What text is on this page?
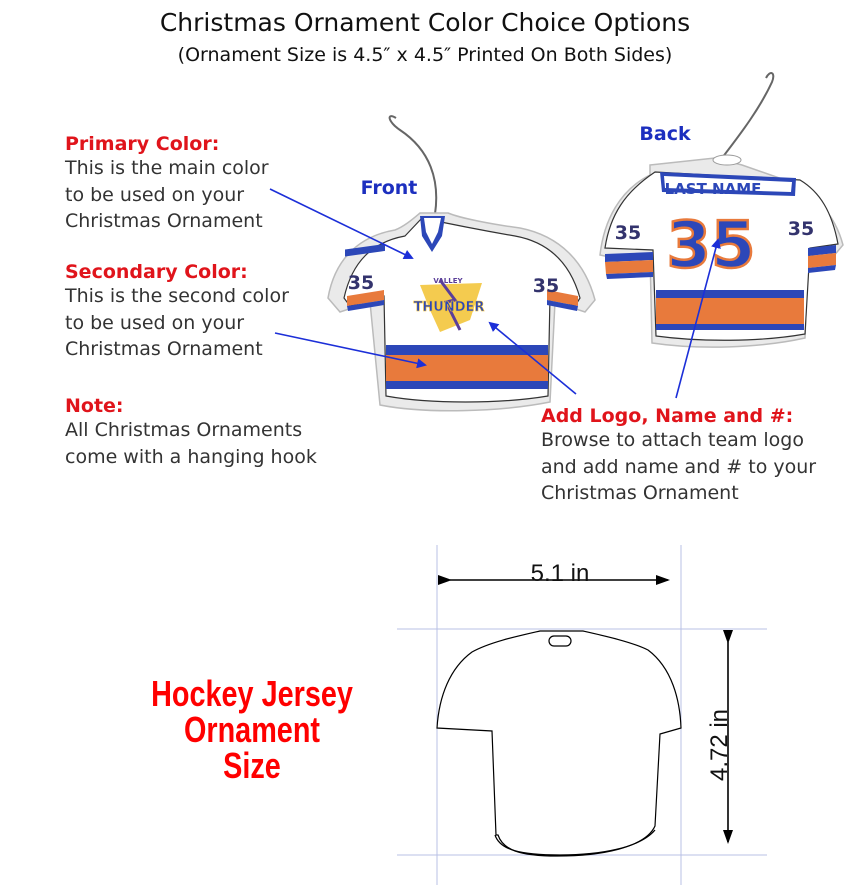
Christmas Ornament Color Choice Options
(Ornament Size is 4.5″ x 4.5″ Printed On Both Sides)
Primary Color:
This is the main color
to be used on your
Christmas Ornament
Secondary Color:
This is the second color
to be used on your
Christmas Ornament
Note:
All Christmas Ornaments
come with a hanging hook
Add Logo, Name and #:
Browse to attach team logo
and add name and # to your
Christmas Ornament
VALLEY
THUNDER
35	35
LAST NAME
35
35	35
Front
Back
5.1 in
4.72 in
Hockey Jersey
Ornament
Size
